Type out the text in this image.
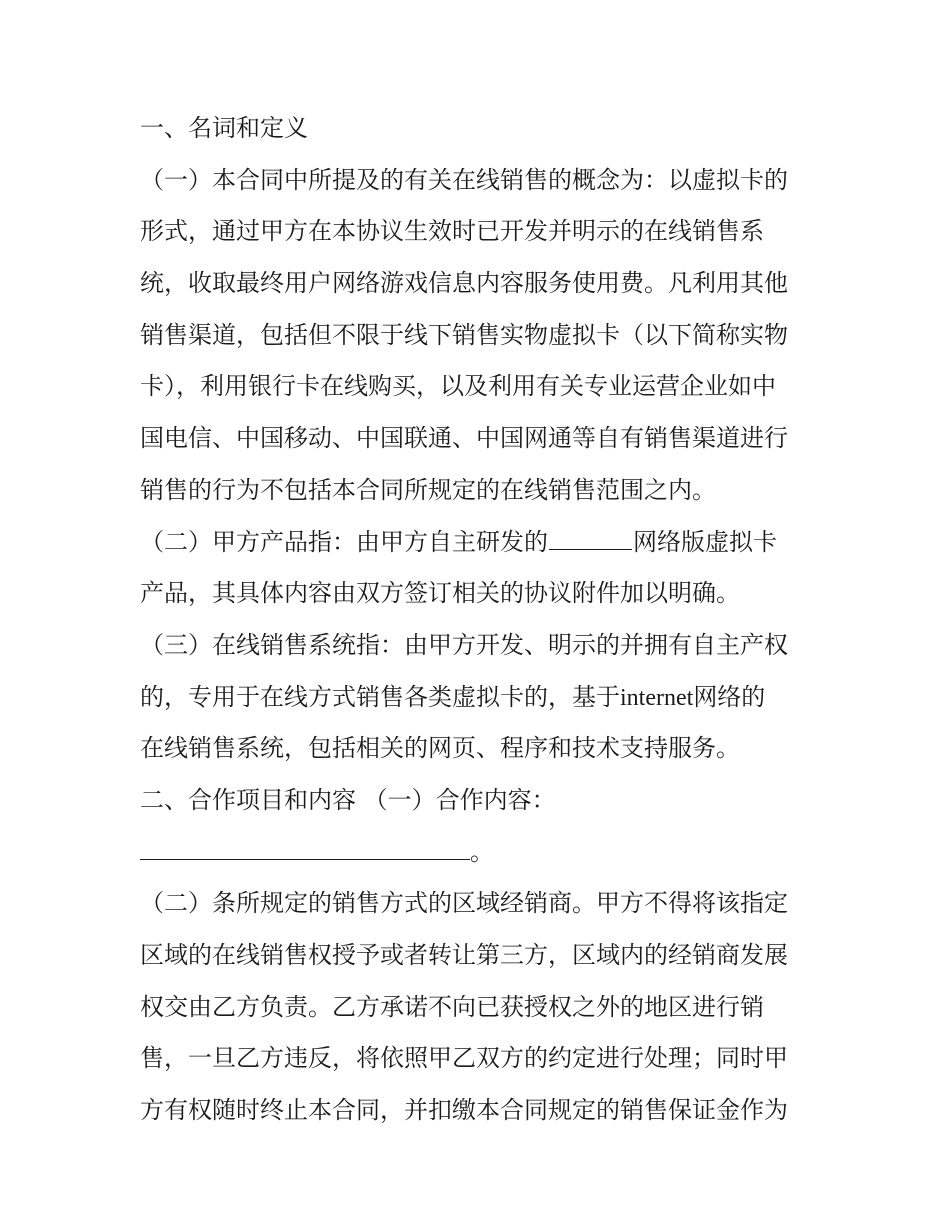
一、名词和定义
（一）本合同中所提及的有关在线销售的概念为：以虚拟卡的
形式，通过甲方在本协议生效时已开发并明示的在线销售系
统，收取最终用户网络游戏信息内容服务使用费。凡利用其他
销售渠道，包括但不限于线下销售实物虚拟卡（以下简称实物
卡），利用银行卡在线购买，以及利用有关专业运营企业如中
国电信、中国移动、中国联通、中国网通等自有销售渠道进行
销售的行为不包括本合同所规定的在线销售范围之内。
（二）甲方产品指：由甲方自主研发的	网络版虚拟卡
产品，其具体内容由双方签订相关的协议附件加以明确。
（三）在线销售系统指：由甲方开发、明示的并拥有自主产权
的，专用于在线方式销售各类虚拟卡的，基于internet网络的
在线销售系统，包括相关的网页、程序和技术支持服务。
二、合作项目和内容 （一）合作内容：
。
（二）条所规定的销售方式的区域经销商。甲方不得将该指定
区域的在线销售权授予或者转让第三方，区域内的经销商发展
权交由乙方负责。乙方承诺不向已获授权之外的地区进行销
售，一旦乙方违反，将依照甲乙双方的约定进行处理；同时甲
方有权随时终止本合同，并扣缴本合同规定的销售保证金作为
